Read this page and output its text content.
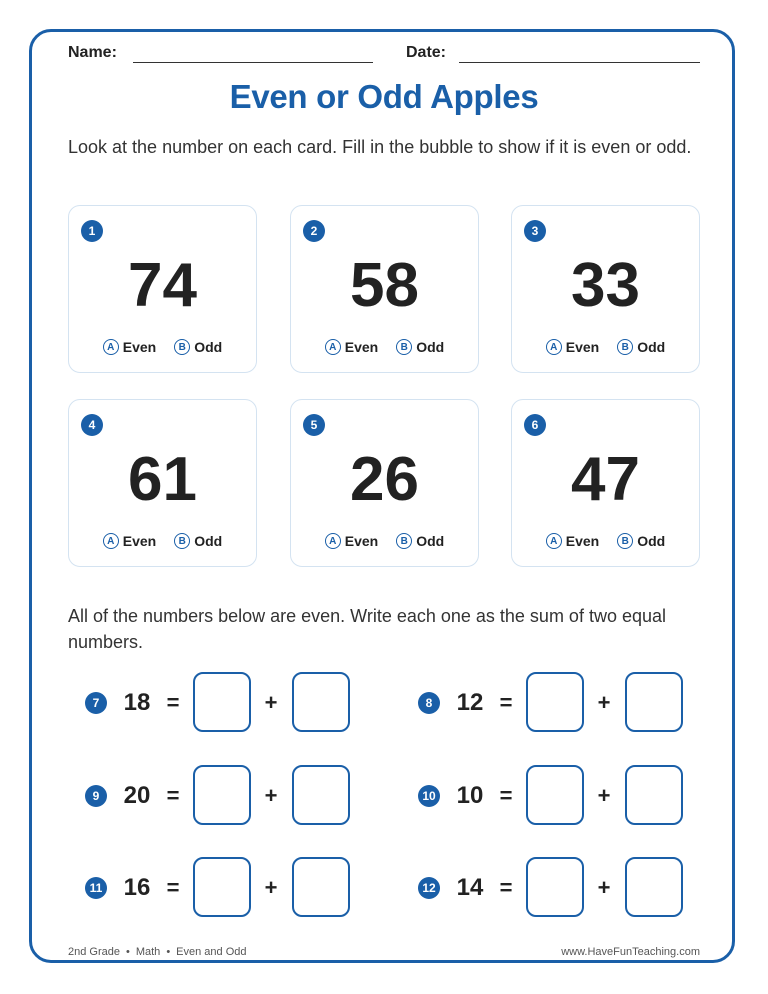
Name:	Date:
Even or Odd Apples
Look at the number on each card. Fill in the bubble to show if it is even or odd.
1
74
A Even	B Odd
2
58
A Even	B Odd
3
33
A Even	B Odd
4
61
A Even	B Odd
5
26
A Even	B Odd
6
47
A Even	B Odd
All of the numbers below are even. Write each one as the sum of two equal numbers.
7	18 =	+	8	12 =	+
9	20 =	+	10 10 =	+
11 16 =	+	12 14 =	+
2nd Grade • Math • Even and Odd	www.HaveFunTeaching.com
